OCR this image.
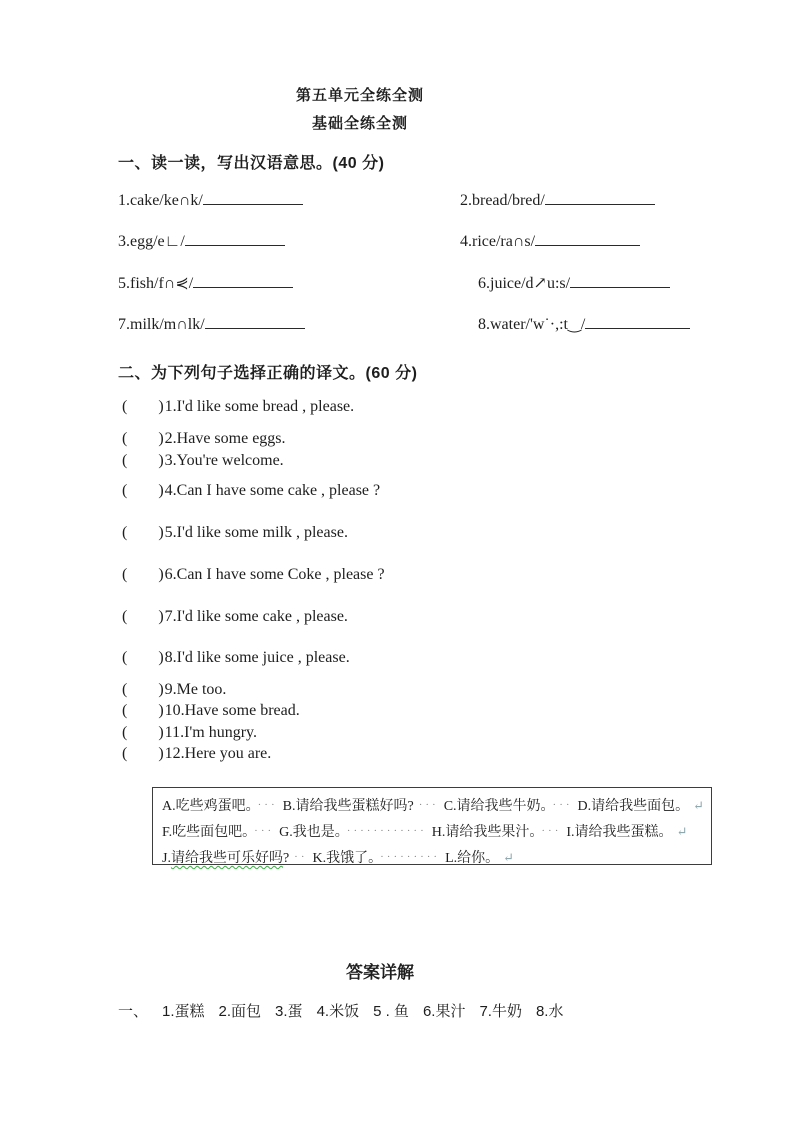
第五单元全练全测
基础全练全测
一、读一读，写出汉语意思。(40 分)
1.cake/ke∩k/	2.bread/bred/
3.egg/e∟/	4.rice/ra∩s/
5.fish/f∩⋞/	6.juice/d↗u:s/
7.milk/m∩lk/	8.water/'w˙·,:t‿/
二、为下列句子选择正确的译文。(60 分)
(      )1.I'd like some bread , please.
(      )2.Have some eggs.
(      )3.You're welcome.
(      )4.Can I have some cake , please ?
(      )5.I'd like some milk , please.
(      )6.Can I have some Coke , please ?
(      )7.I'd like some cake , please.
(      )8.I'd like some juice , please.
(      )9.Me too.
(      )10.Have some bread.
(      )11.I'm hungry.
(      )12.Here you are.
A.吃些鸡蛋吧。 ··· B.请给我些蛋糕好吗? ··· C.请给我些牛奶。 ··· D.请给我些面包。 ↵
F.吃些面包吧。 ··· G.我也是。 ············ H.请给我些果汁。 ··· I.请给我些蛋糕。 ↵
J.请给我些可乐好吗? ·· K.我饿了。 ········· L.给你。 ↵
答案详解
一、 1.蛋糕 2.面包 3.蛋 4.米饭 5 . 鱼 6.果汁 7.牛奶 8.水
